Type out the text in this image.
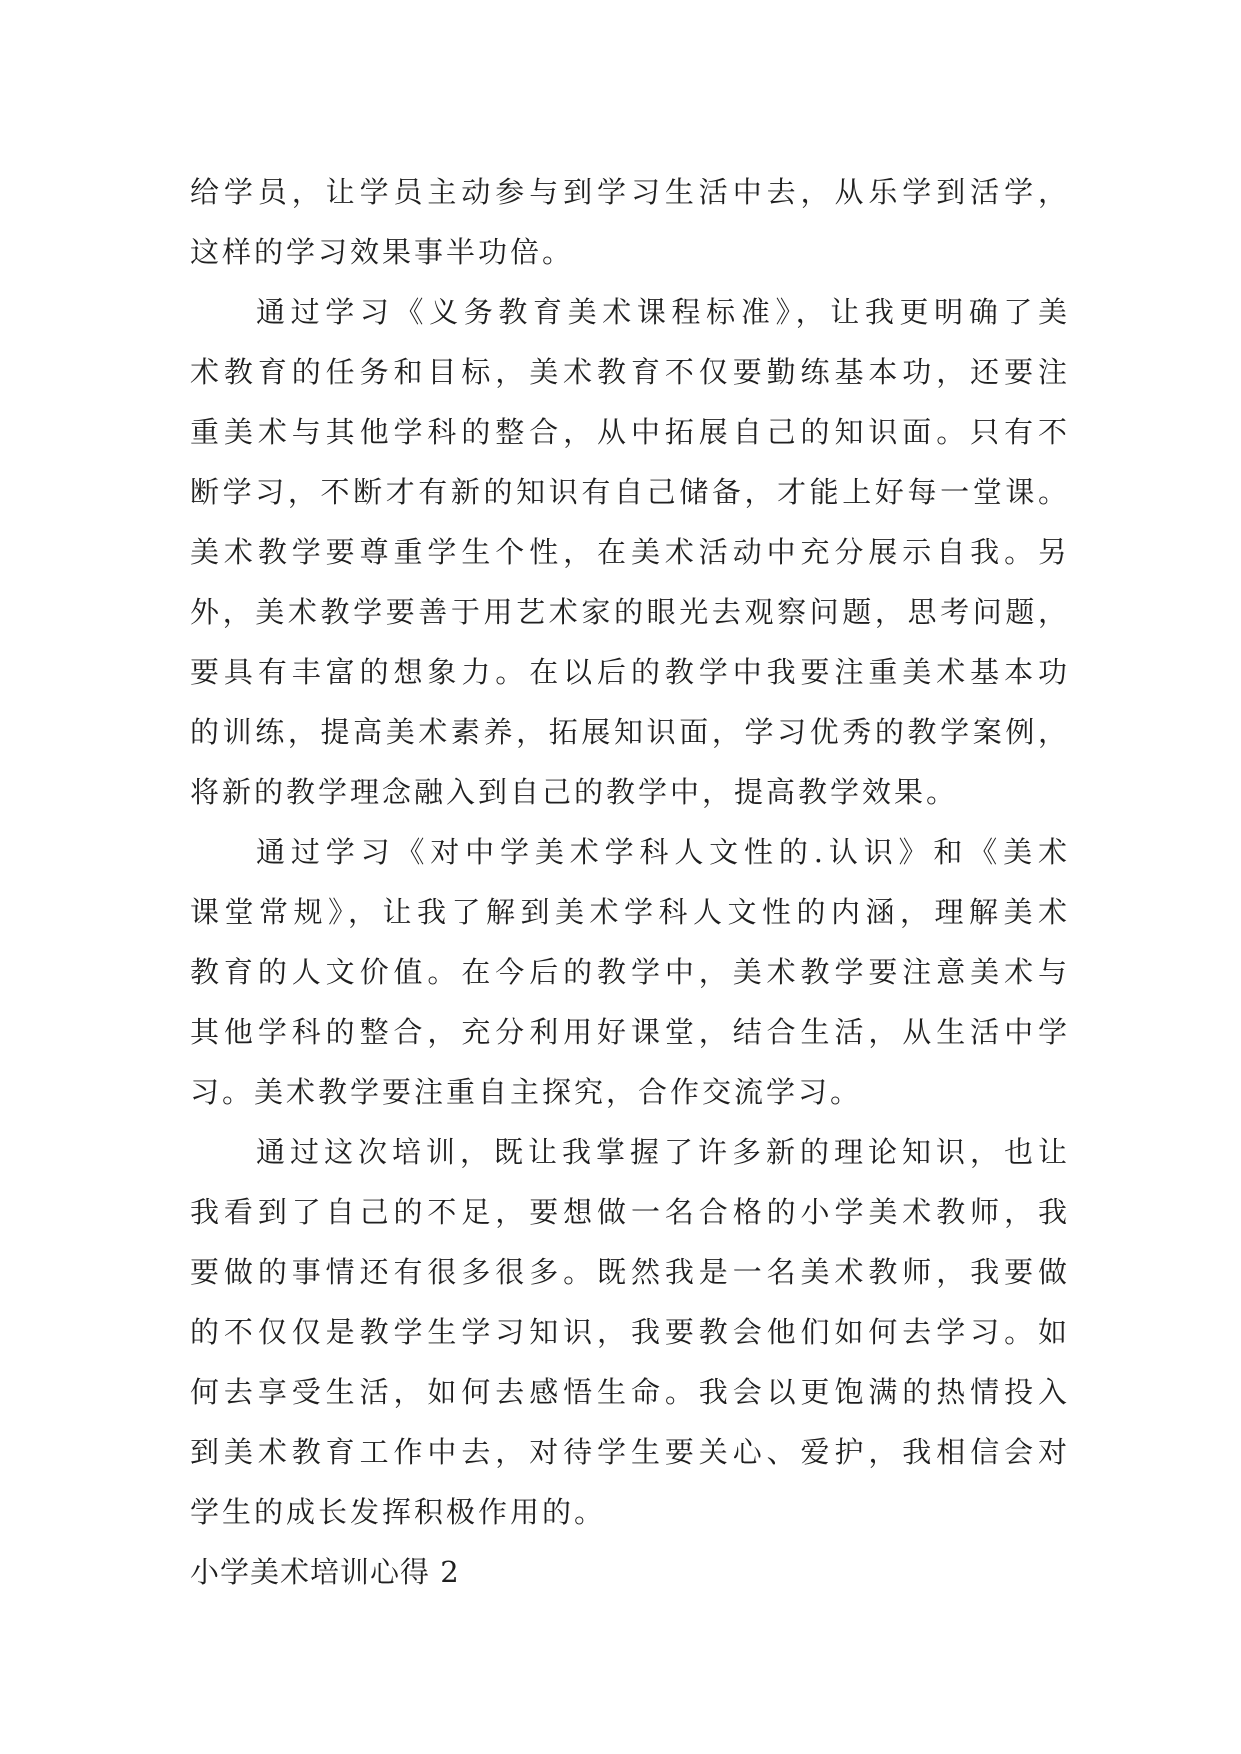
给学员，让学员主动参与到学习生活中去，从乐学到活学，
这样的学习效果事半功倍。
通过学习《义务教育美术课程标准》，让我更明确了美
术教育的任务和目标，美术教育不仅要勤练基本功，还要注
重美术与其他学科的整合，从中拓展自己的知识面。只有不
断学习，不断才有新的知识有自己储备，才能上好每一堂课。
美术教学要尊重学生个性，在美术活动中充分展示自我。另
外，美术教学要善于用艺术家的眼光去观察问题，思考问题，
要具有丰富的想象力。在以后的教学中我要注重美术基本功
的训练，提高美术素养，拓展知识面，学习优秀的教学案例，
将新的教学理念融入到自己的教学中，提高教学效果。
通过学习《对中学美术学科人文性的.认识》和《美术
课堂常规》，让我了解到美术学科人文性的内涵，理解美术
教育的人文价值。在今后的教学中，美术教学要注意美术与
其他学科的整合，充分利用好课堂，结合生活，从生活中学
习。美术教学要注重自主探究，合作交流学习。
通过这次培训，既让我掌握了许多新的理论知识，也让
我看到了自己的不足，要想做一名合格的小学美术教师，我
要做的事情还有很多很多。既然我是一名美术教师，我要做
的不仅仅是教学生学习知识，我要教会他们如何去学习。如
何去享受生活，如何去感悟生命。我会以更饱满的热情投入
到美术教育工作中去，对待学生要关心、爱护，我相信会对
学生的成长发挥积极作用的。
小学美术培训心得 2
